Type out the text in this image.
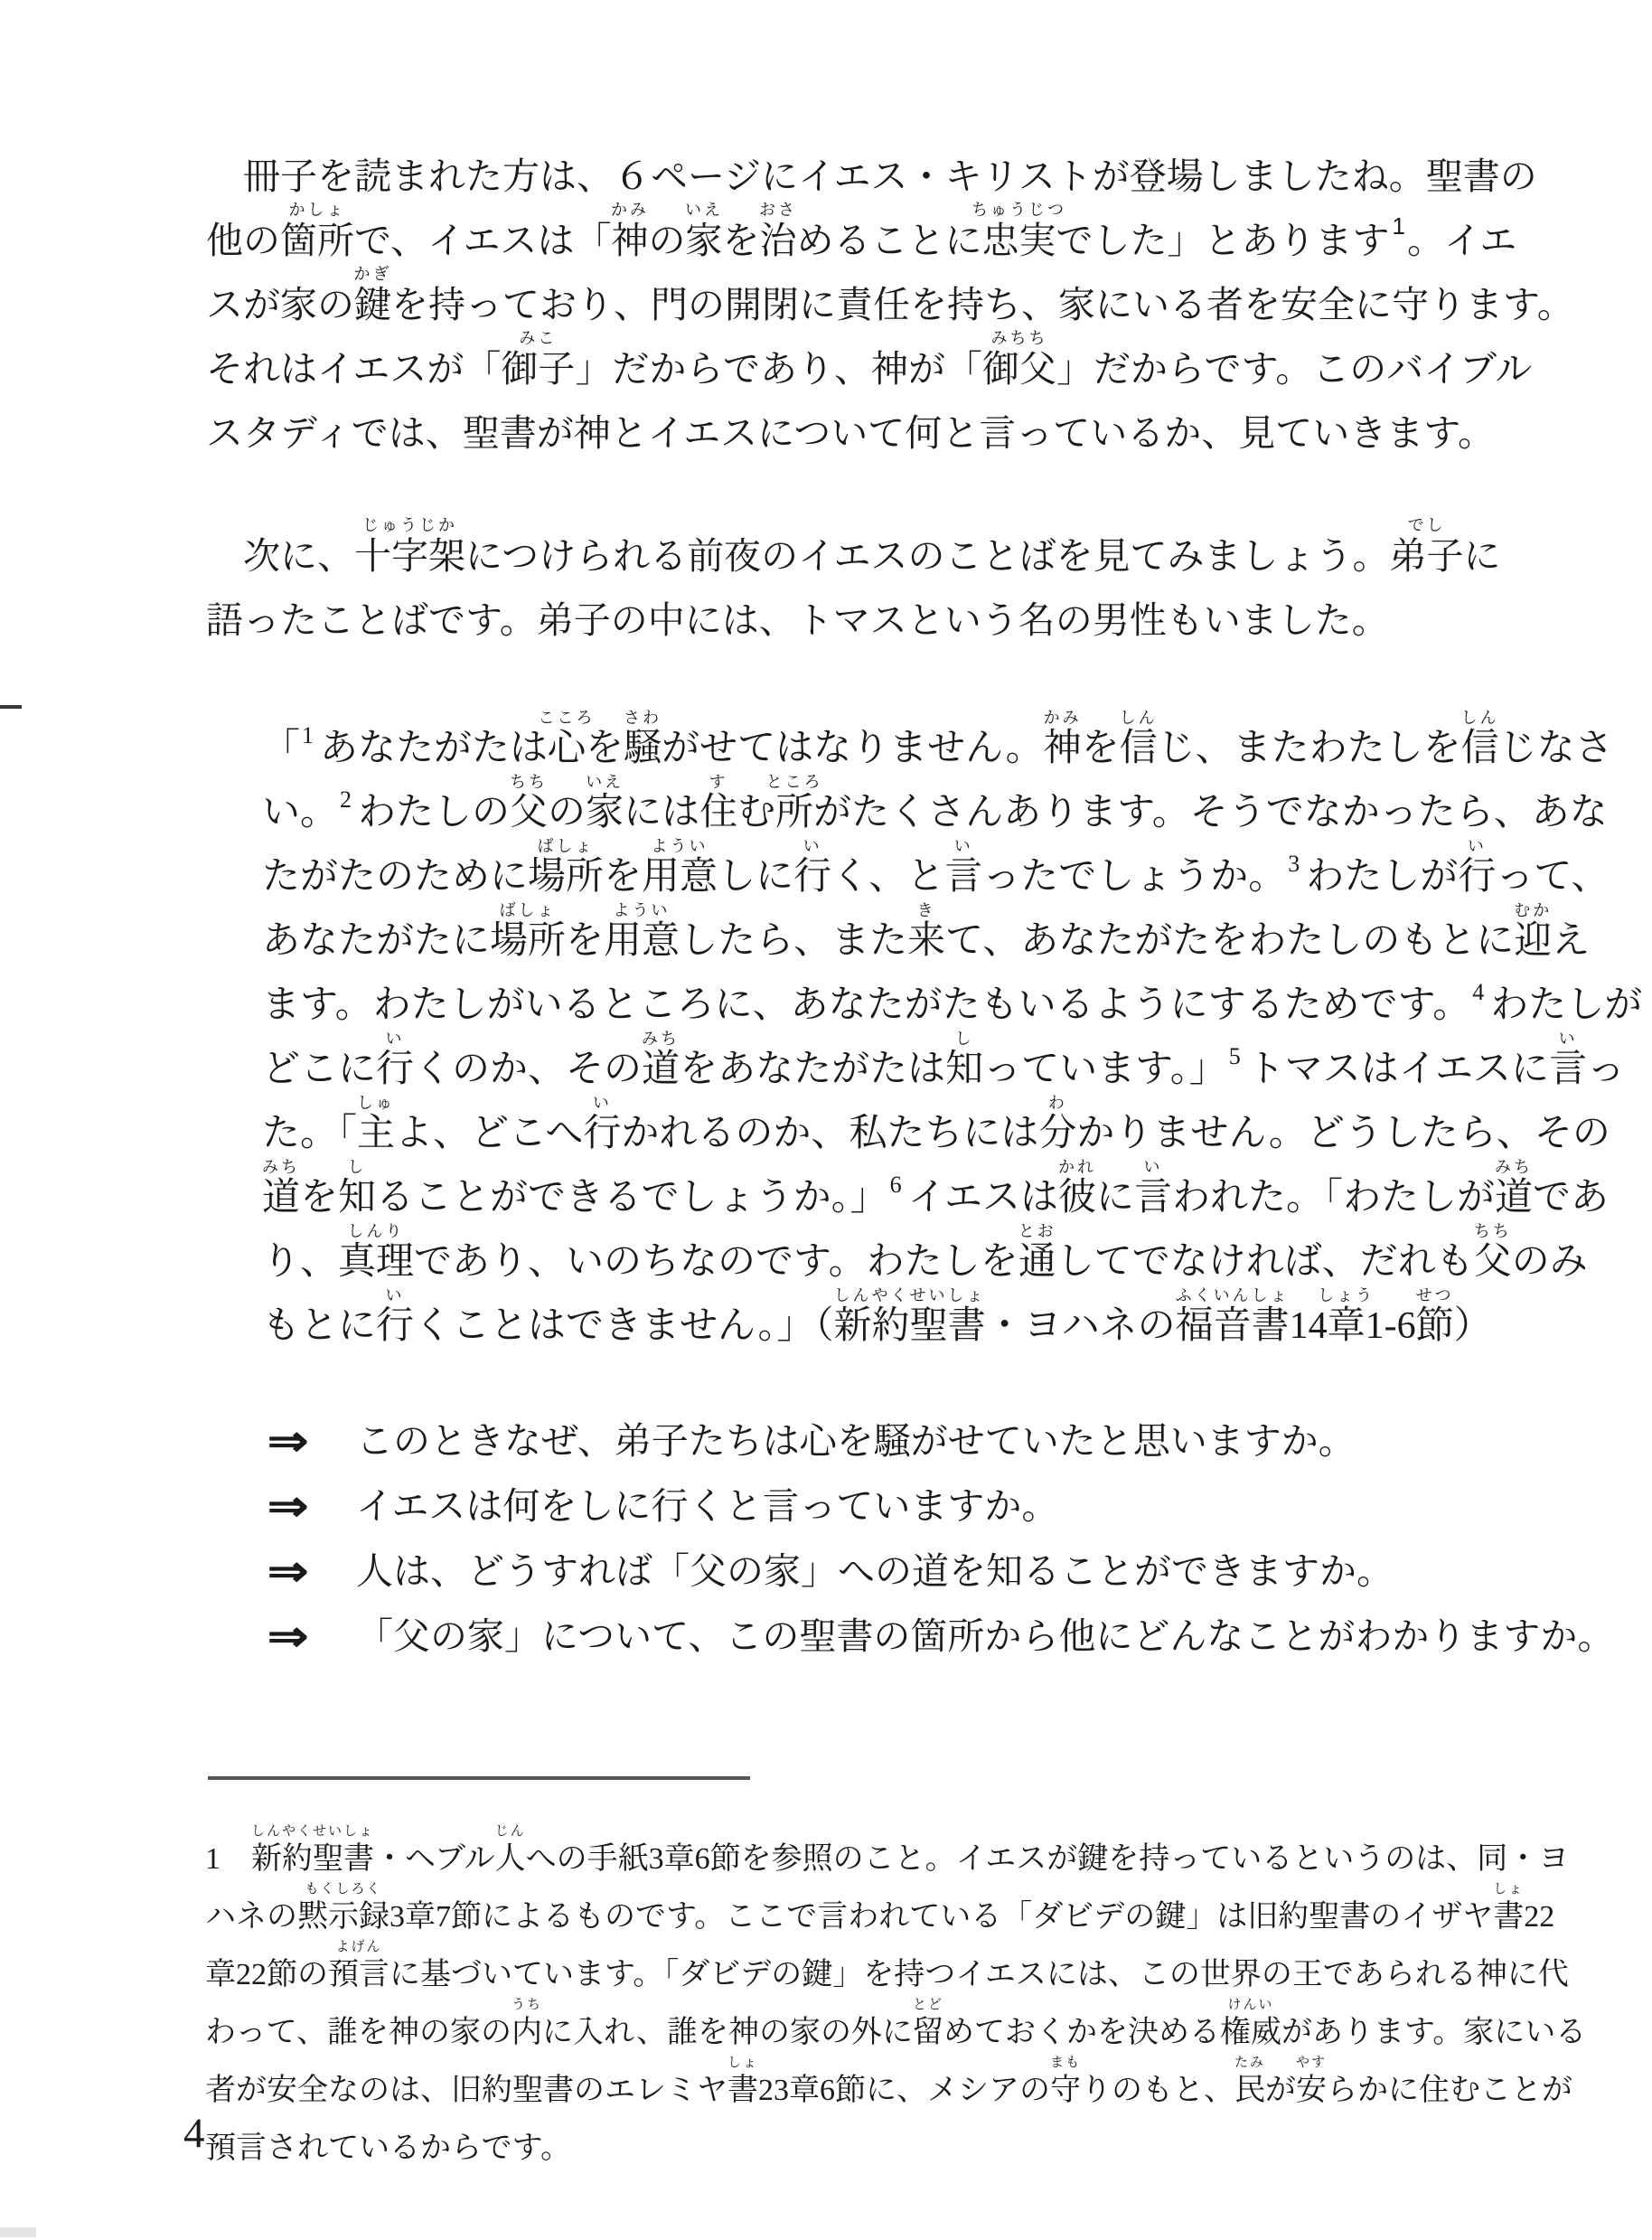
　冊子を読まれた方は、６ページにイエス・キリストが登場しましたね。聖書の
他の箇所
かしょ
で、イエスは「神
かみ
の家
いえ
を治
おさ
めることに忠実
ちゅうじつ
でした」とあります $^1$。イエ
スが家の鍵
かぎ
を持っており、門の開閉に責任を持ち、家にいる者を安全に守ります。
それはイエスが「御子
みこ
」だからであり、神が「御父
みちち
」だからです。このバイブル
スタディでは、聖書が神とイエスについて何と言っているか、見ていきます。
　次に、十字架
じゅうじか
につけられる前夜のイエスのことばを見てみましょう。弟子
でし
に
語ったことばです。弟子の中には、トマスという名の男性もいました。
「$^1$ あなたがたは心
こころ
を騒
さわ
がせてはなりません。神
かみ
を信
しん
じ、またわたしを信
しん
じなさ
い。$^2$ わたしの父
ちち
の家
いえ
には住
す
む所
ところ
がたくさんあります。そうでなかったら、あな
たがたのために場所
ばしょ
を用意
ようい
しに行
い
く、と言
い
ったでしょうか。$^3$ わたしが行
い
って、
あなたがたに場所
ばしょ
を用意
ようい
したら、また来
き
て、あなたがたをわたしのもとに迎
むか
え
ます。わたしがいるところに、あなたがたもいるようにするためです。$^4$ わたしが
どこに行
い
くのか、その道
みち
をあなたがたは知
し
っています。」$^5$ トマスはイエスに言
い
っ
た。「主
しゅ
よ、どこへ行
い
かれるのか、私たちには分
わ
かりません。どうしたら、その
道
みち
を知
し
ることができるでしょうか。」$^6$ イエスは彼
かれ
に言
い
われた。「わたしが道
みち
であ
り、真理
しんり
であり、いのちなのです。わたしを通
とお
してでなければ、だれも父
ちち
のみ
もとに行
い
くことはできません。」（新約聖書
しんやくせいしょ
・ヨハネの福音書
ふくいんしょ
14章
しょう
1-6節
せつ
）
⇒	このときなぜ、弟子たちは心を騒がせていたと思いますか。
⇒	イエスは何をしに行くと言っていますか。
⇒	人は、どうすれば「父の家」への道を知ることができますか。
⇒	「父の家」について、この聖書の箇所から他にどんなことがわかりますか。
1　新約聖書
しんやくせいしょ
・ヘブル人
じん
への手紙3章6節を参照のこと。イエスが鍵を持っているというのは、同・ヨ
ハネの黙示録
もくしろく
3章7節によるものです。ここで言われている「ダビデの鍵」は旧約聖書のイザヤ書
しょ
22
章22節の預言
よげん
に基づいています。「ダビデの鍵」を持つイエスには、この世界の王であられる神に代
わって、誰を神の家の内
うち
に入れ、誰を神の家の外に留
とど
めておくかを決める権威
けんい
があります。家にいる
者が安全なのは、旧約聖書のエレミヤ書
しょ
23章6節に、メシアの守
まも
りのもと、民
たみ
が安
やす
らかに住むことが
預言されているからです。
4
